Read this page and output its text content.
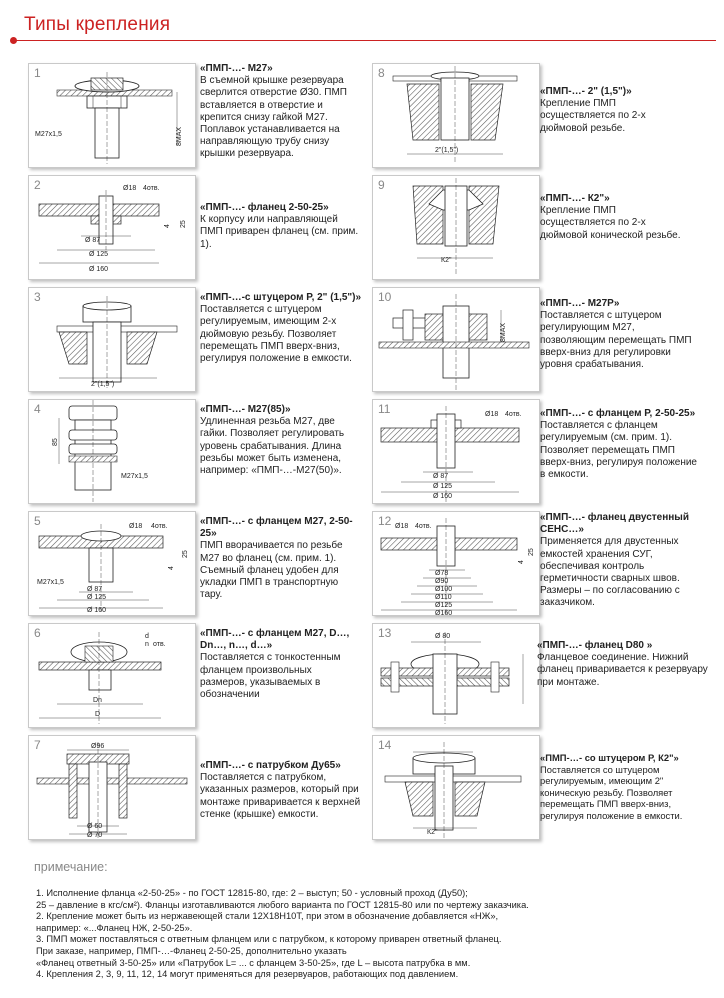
Типы крепления
М27х1,5	8MAX
1	«ПМП-…- М27»
В съемной крышке резервуара сверлится отверстие Ø30. ПМП вставляется в отверстие и крепится снизу гайкой М27. Поплавок устанавливается на направляющую трубу снизу крышки резервуара.
Ø18 4отв.
Ø 87
Ø 125
Ø 160
4 25
2
«ПМП-…- фланец 2-50-25»
К корпусу или направляющей ПМП приварен фланец (см. прим. 1).
2"(1,5")
3	«ПМП-…-с штуцером Р, 2" (1,5")»
Поставляется с штуцером регулируемым, имеющим 2-х дюймовую резьбу. Позволяет перемещать ПМП вверх-вниз, регулируя положение в емкости.
85
М27х1,5
4	«ПМП-…- М27(85)»
Удлиненная резьба М27, две гайки. Позволяет регулировать уровень срабатывания. Длина резьбы может быть изменена, например: «ПМП-…-М27(50)».
Ø18 4отв.
М27х1,5
Ø 87
Ø 125
Ø 160
4
25
5	«ПМП-…- с фланцем М27, 2-50-25»
ПМП вворачивается по резьбе М27 во фланец (см. прим. 1). Съемный фланец удобен для укладки ПМП в транспортную тару.
d
n отв.
Dn
D
6	«ПМП-…- с фланцем М27, D…, Dn…, n…, d…»
Поставляется с тонкостенным фланцем произвольных размеров, указываемых в обозначении
Ø96
Ø 60
Ø 70
7
«ПМП-…- с патрубком Ду65»
Поставляется с патрубком, указанных размеров, который при монтаже приваривается к верхней стенке (крышке) емкости.
2"(1,5")
8
«ПМП-…- 2" (1,5")»
Крепление ПМП осуществляется по 2-х дюймовой резьбе.
К2"
9
«ПМП-…- К2"»
Крепление ПМП осуществляется по 2-х дюймовой конической резьбе.
8MAX
10	«ПМП-…- М27Р»
Поставляется с штуцером регулирующим М27, позволяющим перемещать ПМП вверх-вниз для регулировки уровня срабатывания.
Ø18 4отв.
Ø 87
Ø 125
Ø 160
11	«ПМП-…- с фланцем Р, 2-50-25»
Поставляется с фланцем регулируемым (см. прим. 1). Позволяет перемещать ПМП вверх-вниз, регулируя положение в емкости.
Ø18 4отв.
Ø78
Ø90
Ø100
Ø110
Ø125
Ø160
4
25
12	«ПМП-…- фланец двустенный СЕНС…»
Применяется для двустенных емкостей хранения СУГ, обеспечивая контроль герметичности сварных швов. Размеры – по согласованию с заказчиком.
Ø 80
13
«ПМП-…- фланец D80 »
Фланцевое соединение. Нижний фланец приваривается к резервуару при монтаже.
К2"
14
«ПМП-…- со штуцером Р, К2"»
Поставляется со штуцером регулируемым, имеющим 2" коническую резьбу. Позволяет перемещать ПМП вверх-вниз, регулируя положение в емкости.
примечание:

1. Исполнение фланца «2-50-25» - по ГОСТ 12815-80, где: 2 – выступ; 50 - условный проход (Ду50);

25 – давление в кгс/см²). Фланцы изготавливаются любого варианта по ГОСТ 12815-80 или по чертежу заказчика.

2. Крепление может быть из нержавеющей стали 12Х18Н10Т, при этом в обозначение добавляется «НЖ»,

например: «...Фланец НЖ, 2-50-25».

3. ПМП может поставляться с ответным фланцем или с патрубком, к которому приварен ответный фланец.

При заказе, например, ПМП-…-Фланец 2-50-25, дополнительно указать

«Фланец ответный 3-50-25» или «Патрубок L= ... с фланцем 3-50-25», где L – высота патрубка в мм.

4. Крепления 2, 3, 9, 11, 12, 14 могут применяться для резервуаров, работающих под давлением.
